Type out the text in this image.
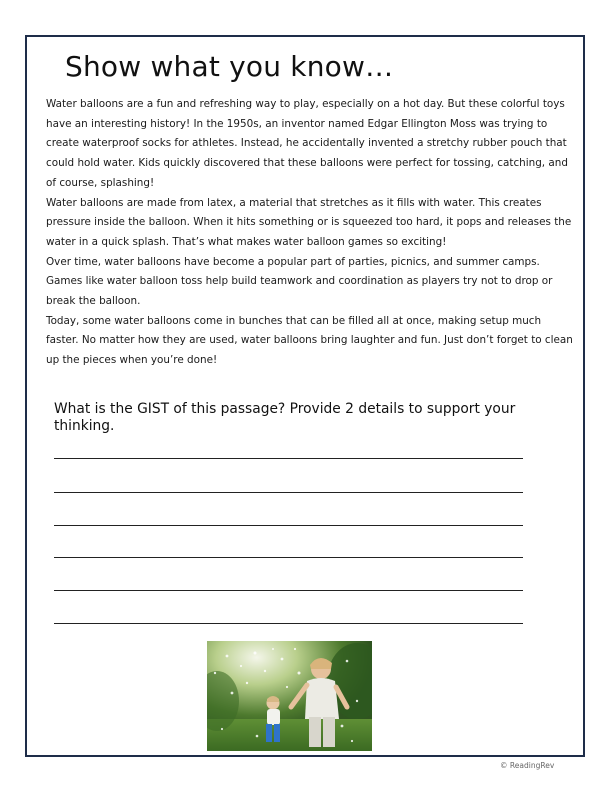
Show what you know…

Water balloons are a fun and refreshing way to play, especially on a hot day. But these colorful toys have an interesting history! In the 1950s, an inventor named Edgar Ellington Moss was trying to create waterproof socks for athletes. Instead, he accidentally invented a stretchy rubber pouch that could hold water. Kids quickly discovered that these balloons were perfect for tossing, catching, and of course, splashing!

Water balloons are made from latex, a material that stretches as it fills with water. This creates pressure inside the balloon. When it hits something or is squeezed too hard, it pops and releases the water in a quick splash. That’s what makes water balloon games so exciting!

Over time, water balloons have become a popular part of parties, picnics, and summer camps. Games like water balloon toss help build teamwork and coordination as players try not to drop or break the balloon.

Today, some water balloons come in bunches that can be filled all at once, making setup much faster. No matter how they are used, water balloons bring laughter and fun. Just don’t forget to clean up the pieces when you’re done!

What is the GIST of this passage? Provide 2 details to support your thinking.

© ReadingRev
